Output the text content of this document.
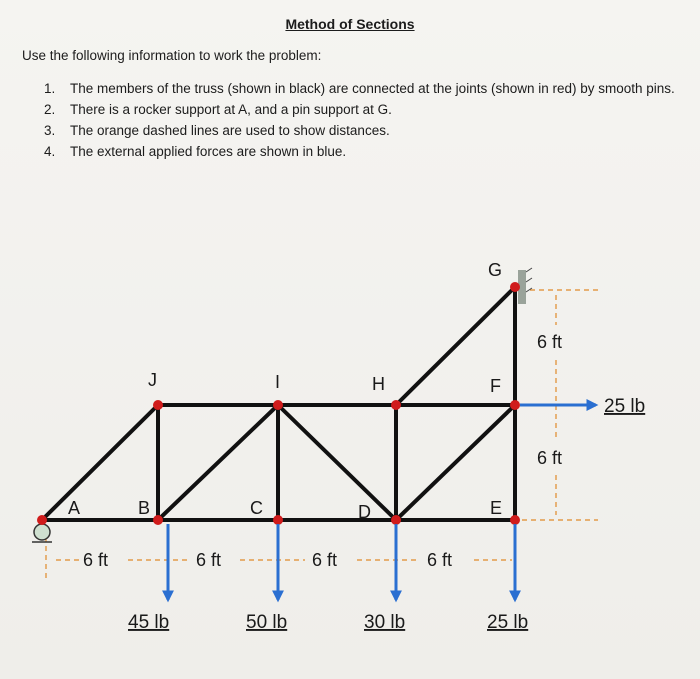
Method of Sections
Use the following information to work the problem:
1. The members of the truss (shown in black) are connected at the joints (shown in red) by smooth pins.
2. There is a rocker support at A, and a pin support at G.
3. The orange dashed lines are used to show distances.
4. The external applied forces are shown in blue.
A	B	C	D	E
F
G
H
I
J
6 ft	6 ft	6 ft	6 ft
6 ft
6 ft
45 lb	50 lb	30 lb	25 lb
25 lb
